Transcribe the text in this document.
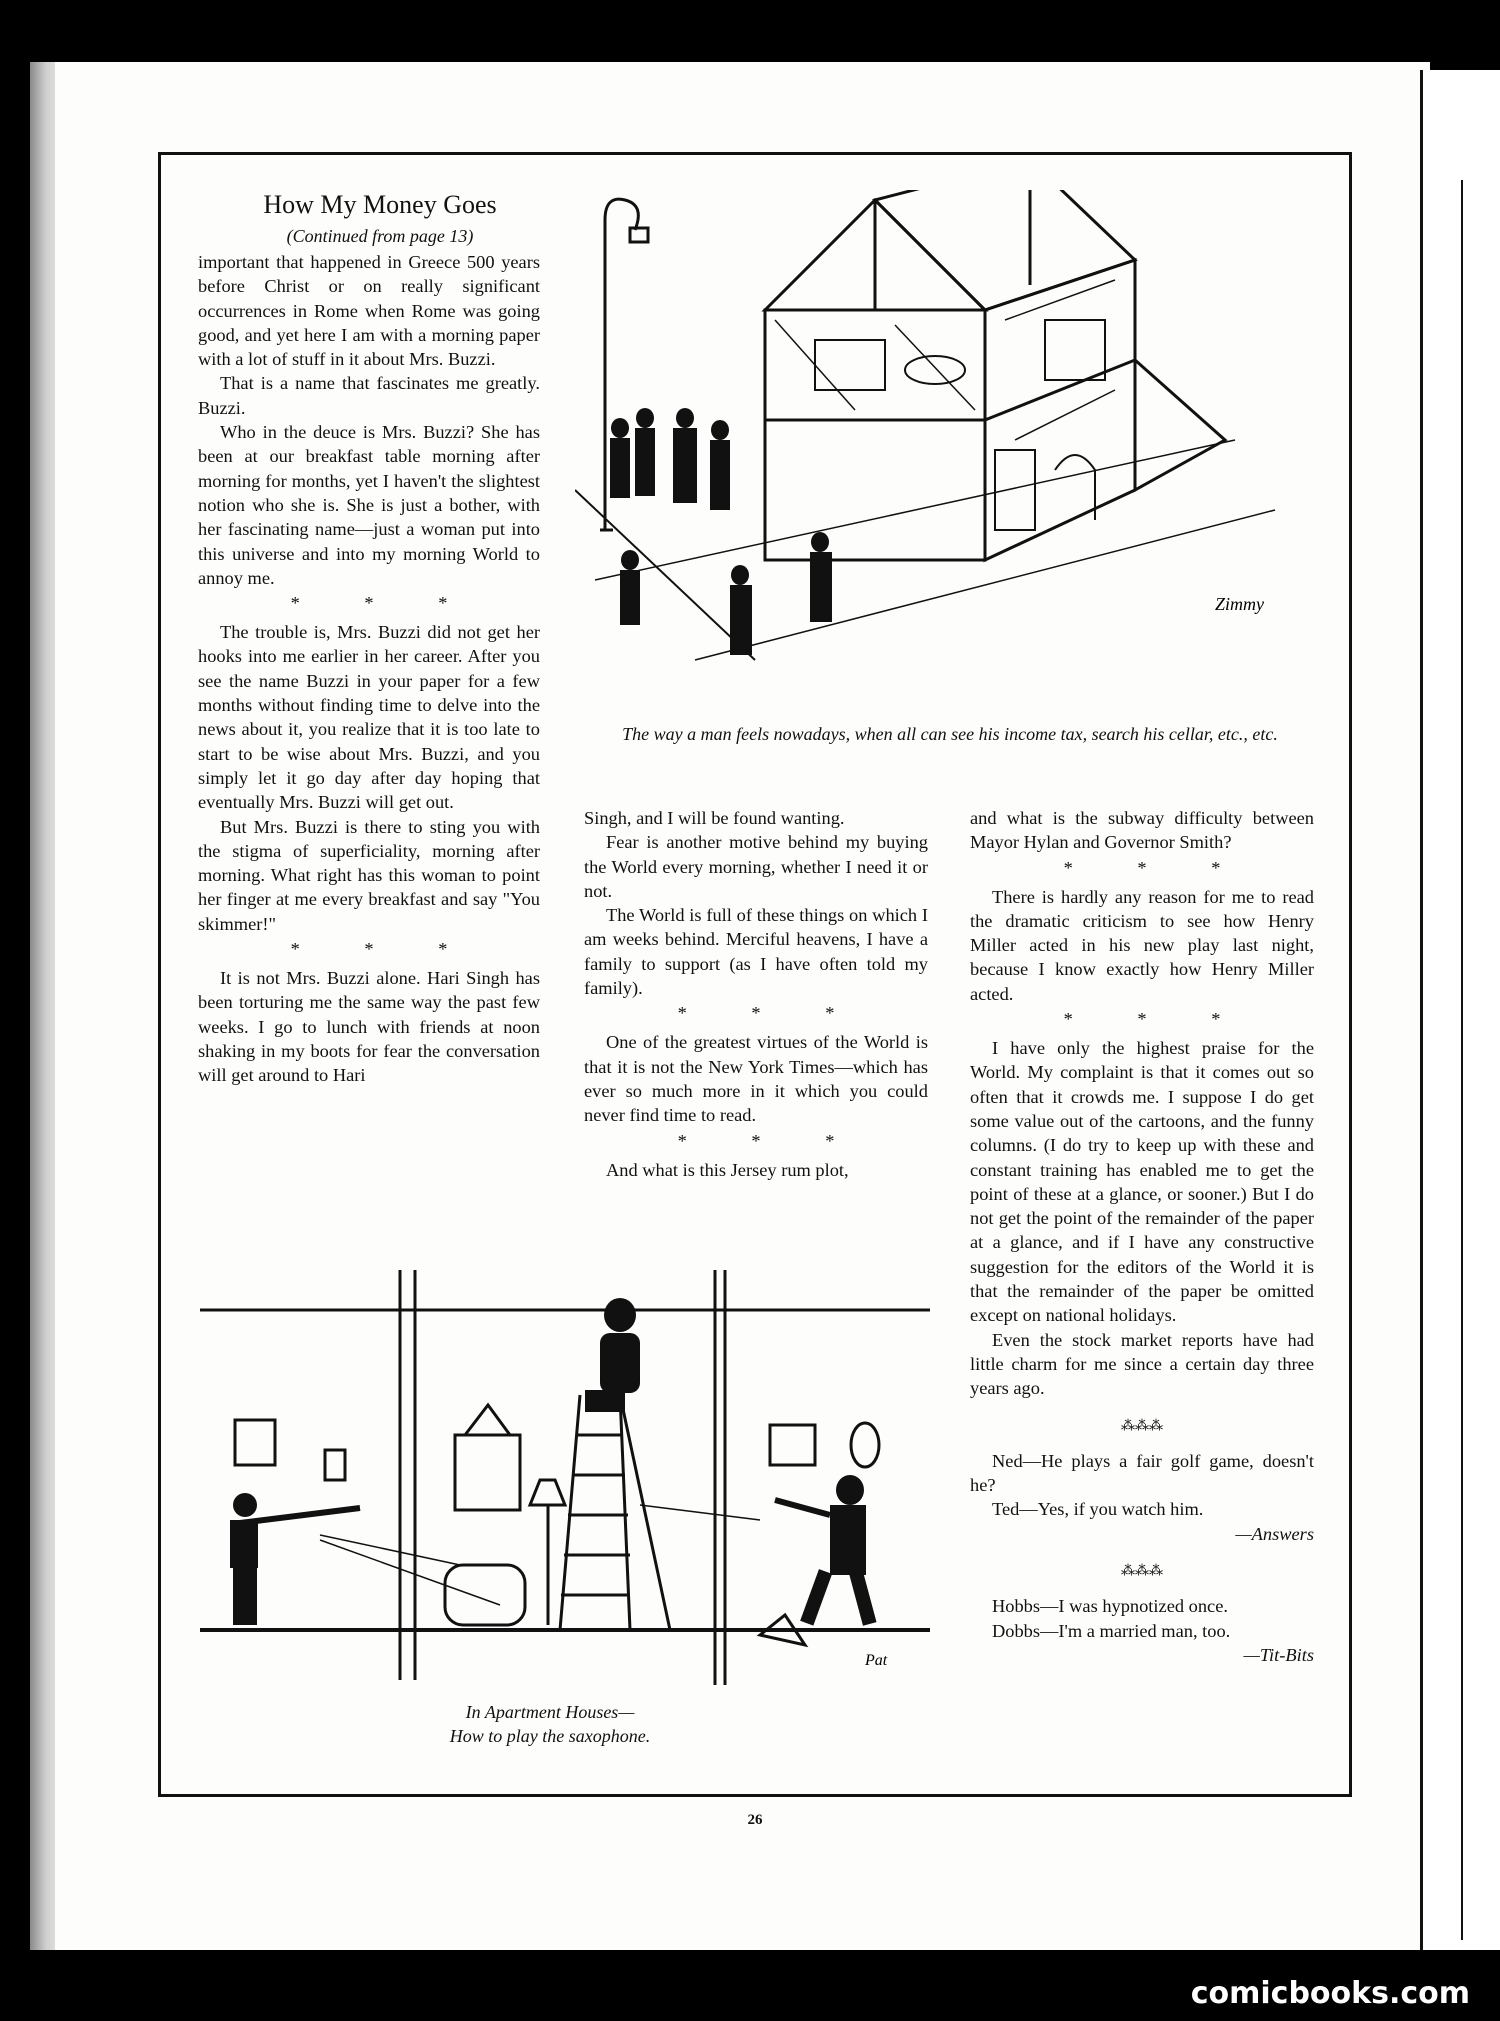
How My Money Goes

(Continued from page 13)

important that happened in Greece 500 years before Christ or on really significant occurrences in Rome when Rome was going good, and yet here I am with a morning paper with a lot of stuff in it about Mrs. Buzzi.

That is a name that fascinates me greatly. Buzzi.

Who in the deuce is Mrs. Buzzi? She has been at our breakfast table morning after morning for months, yet I haven't the slightest notion who she is. She is just a bother, with her fascinating name—just a woman put into this universe and into my morning World to annoy me.

* * *

The trouble is, Mrs. Buzzi did not get her hooks into me earlier in her career. After you see the name Buzzi in your paper for a few months without finding time to delve into the news about it, you realize that it is too late to start to be wise about Mrs. Buzzi, and you simply let it go day after day hoping that eventually Mrs. Buzzi will get out.

But Mrs. Buzzi is there to sting you with the stigma of superficiality, morning after morning. What right has this woman to point her finger at me every breakfast and say "You skimmer!"

* * *

It is not Mrs. Buzzi alone. Hari Singh has been torturing me the same way the past few weeks. I go to lunch with friends at noon shaking in my boots for fear the conversation will get around to Hari

Singh, and I will be found wanting.

Fear is another motive behind my buying the World every morning, whether I need it or not.

The World is full of these things on which I am weeks behind. Merciful heavens, I have a family to support (as I have often told my family).

* * *

One of the greatest virtues of the World is that it is not the New York Times—which has ever so much more in it which you could never find time to read.

* * *

And what is this Jersey rum plot,

and what is the subway difficulty between Mayor Hylan and Governor Smith?

* * *

There is hardly any reason for me to read the dramatic criticism to see how Henry Miller acted in his new play last night, because I know exactly how Henry Miller acted.

* * *

I have only the highest praise for the World. My complaint is that it comes out so often that it crowds me. I suppose I do get some value out of the cartoons, and the funny columns. (I do try to keep up with these and constant training has enabled me to get the point of these at a glance, or sooner.) But I do not get the point of the remainder of the paper at a glance, and if I have any constructive suggestion for the editors of the World it is that the remainder of the paper be omitted except on national holidays.

Even the stock market reports have had little charm for me since a certain day three years ago.

⁂⁂⁂

Ned—He plays a fair golf game, doesn't he?

Ted—Yes, if you watch him.

—Answers

⁂⁂⁂

Hobbs—I was hypnotized once.

Dobbs—I'm a married man, too.

—Tit-Bits

Zimmy
The way a man feels nowadays, when all can see his income tax, search his cellar, etc., etc.
Pat
In Apartment Houses—
How to play the saxophone.
26
comicbooks.com
